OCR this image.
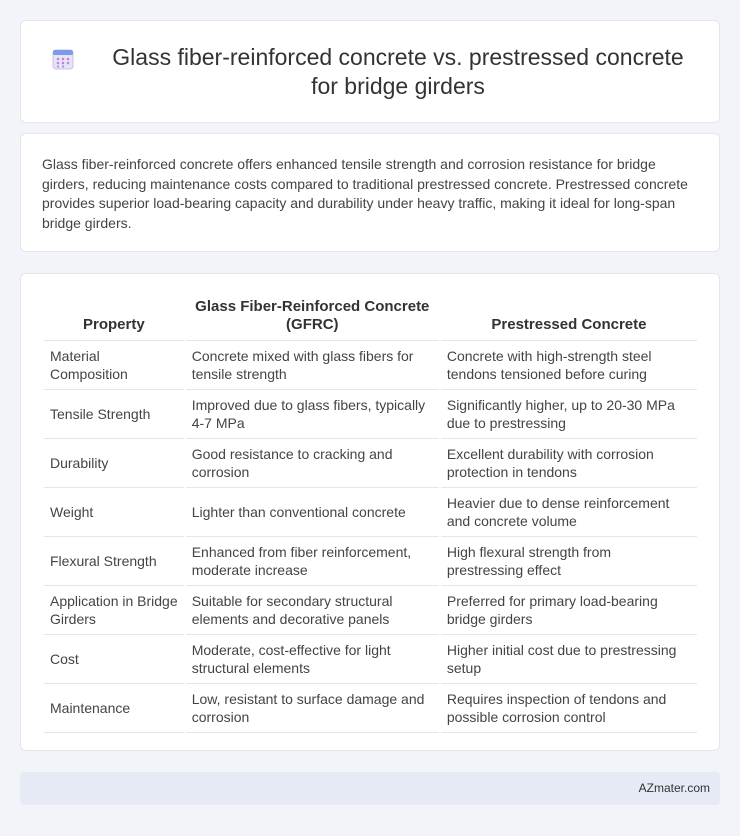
Glass fiber-reinforced concrete vs. prestressed concrete for bridge girders

Glass fiber-reinforced concrete offers enhanced tensile strength and corrosion resistance for bridge girders, reducing maintenance costs compared to traditional prestressed concrete. Prestressed concrete provides superior load-bearing capacity and durability under heavy traffic, making it ideal for long-span bridge girders.

Property	Glass Fiber-Reinforced Concrete (GFRC)	Prestressed Concrete
Material Composition	Concrete mixed with glass fibers for tensile strength	Concrete with high-strength steel tendons tensioned before curing
Tensile Strength	Improved due to glass fibers, typically 4-7 MPa	Significantly higher, up to 20-30 MPa due to prestressing
Durability	Good resistance to cracking and corrosion	Excellent durability with corrosion protection in tendons
Weight	Lighter than conventional concrete	Heavier due to dense reinforcement and concrete volume
Flexural Strength	Enhanced from fiber reinforcement, moderate increase	High flexural strength from prestressing effect
Application in Bridge Girders	Suitable for secondary structural elements and decorative panels	Preferred for primary load-bearing bridge girders
Cost	Moderate, cost-effective for light structural elements	Higher initial cost due to prestressing setup
Maintenance	Low, resistant to surface damage and corrosion	Requires inspection of tendons and possible corrosion control
AZmater.com
